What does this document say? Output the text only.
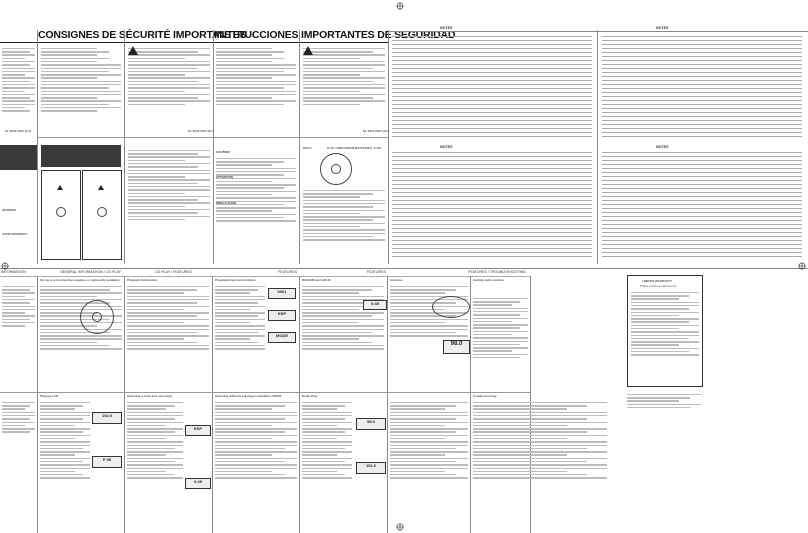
CONSIGNES DE SÉCURITÉ IMPORTANTES
INSTRUCCIONES IMPORTANTES DE SEGURIDAD
NOTES	NOTES
NOTES	NOTES
EL 2879 2000 (F)-9	EL 2879 2000 (F)-9	EL 2879 2000 (S)-9
WARNING
AVERTISSEMENT
CAUTION
HOLD	CLIP / VIBRATIONS BATTERIES / CAR
INFORMATION	GENERAL INFORMATION / CD PLAY	CD PLAY / FEATURES	FEATURES	FEATURES	FEATURES / TROUBLESHOOTING
On car use (connection supplies or optionally available) Playback Information	Programming track numbers	RESUME and HOLD	Antenna	Getting radio stations
0001
ESP
MODE
0:45
98.0
LIMITED WARRANTY
Philips Consumer Electronics
Playing a CD	Selecting a track and searching	Selecting different playing possibilities: MODE	Radio Play	Troubleshooting
102.0
P 08
ESP
98.0
102.0
0:45
